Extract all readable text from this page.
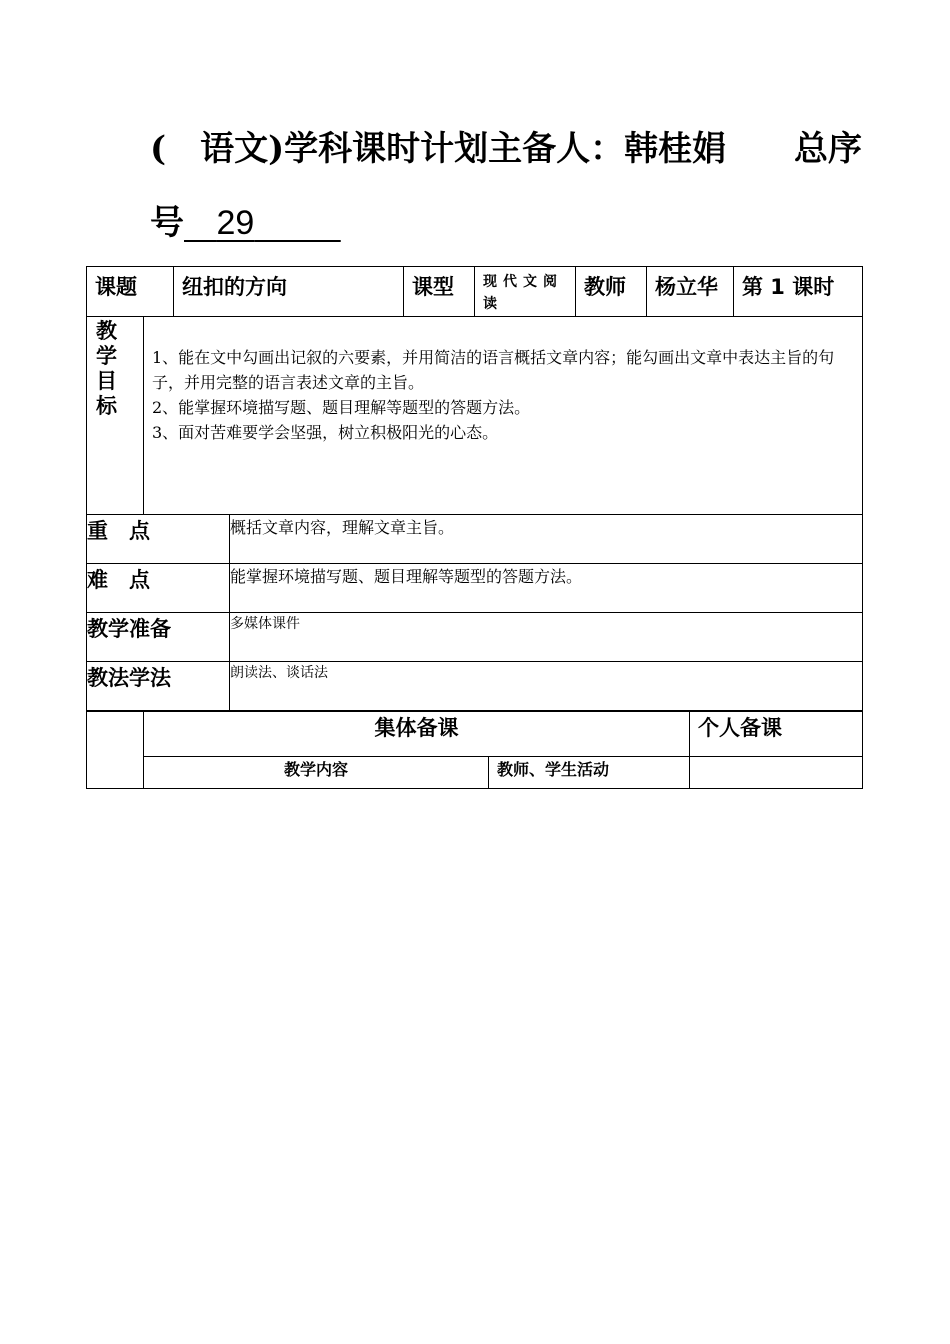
(　语文)学科课时计划主备人：韩桂娟 总序
号 29
课题	纽扣的方向	课型	现代文阅读	教师	杨立华	第 1 课时
教学目标

1、能在文中勾画出记叙的六要素，并用简洁的语言概括文章内容；能勾画出文章中表达主旨的句子，并用完整的语言表述文章的主旨。
2、能掌握环境描写题、题目理解等题型的答题方法。
3、面对苦难要学会坚强，树立积极阳光的心态。
重　点	概括文章内容，理解文章主旨。
难　点	能掌握环境描写题、题目理解等题型的答题方法。
教学准备	多媒体课件
教法学法	朗读法、谈话法
	集体备课		个人备课
	教学内容	教师、学生活动	
